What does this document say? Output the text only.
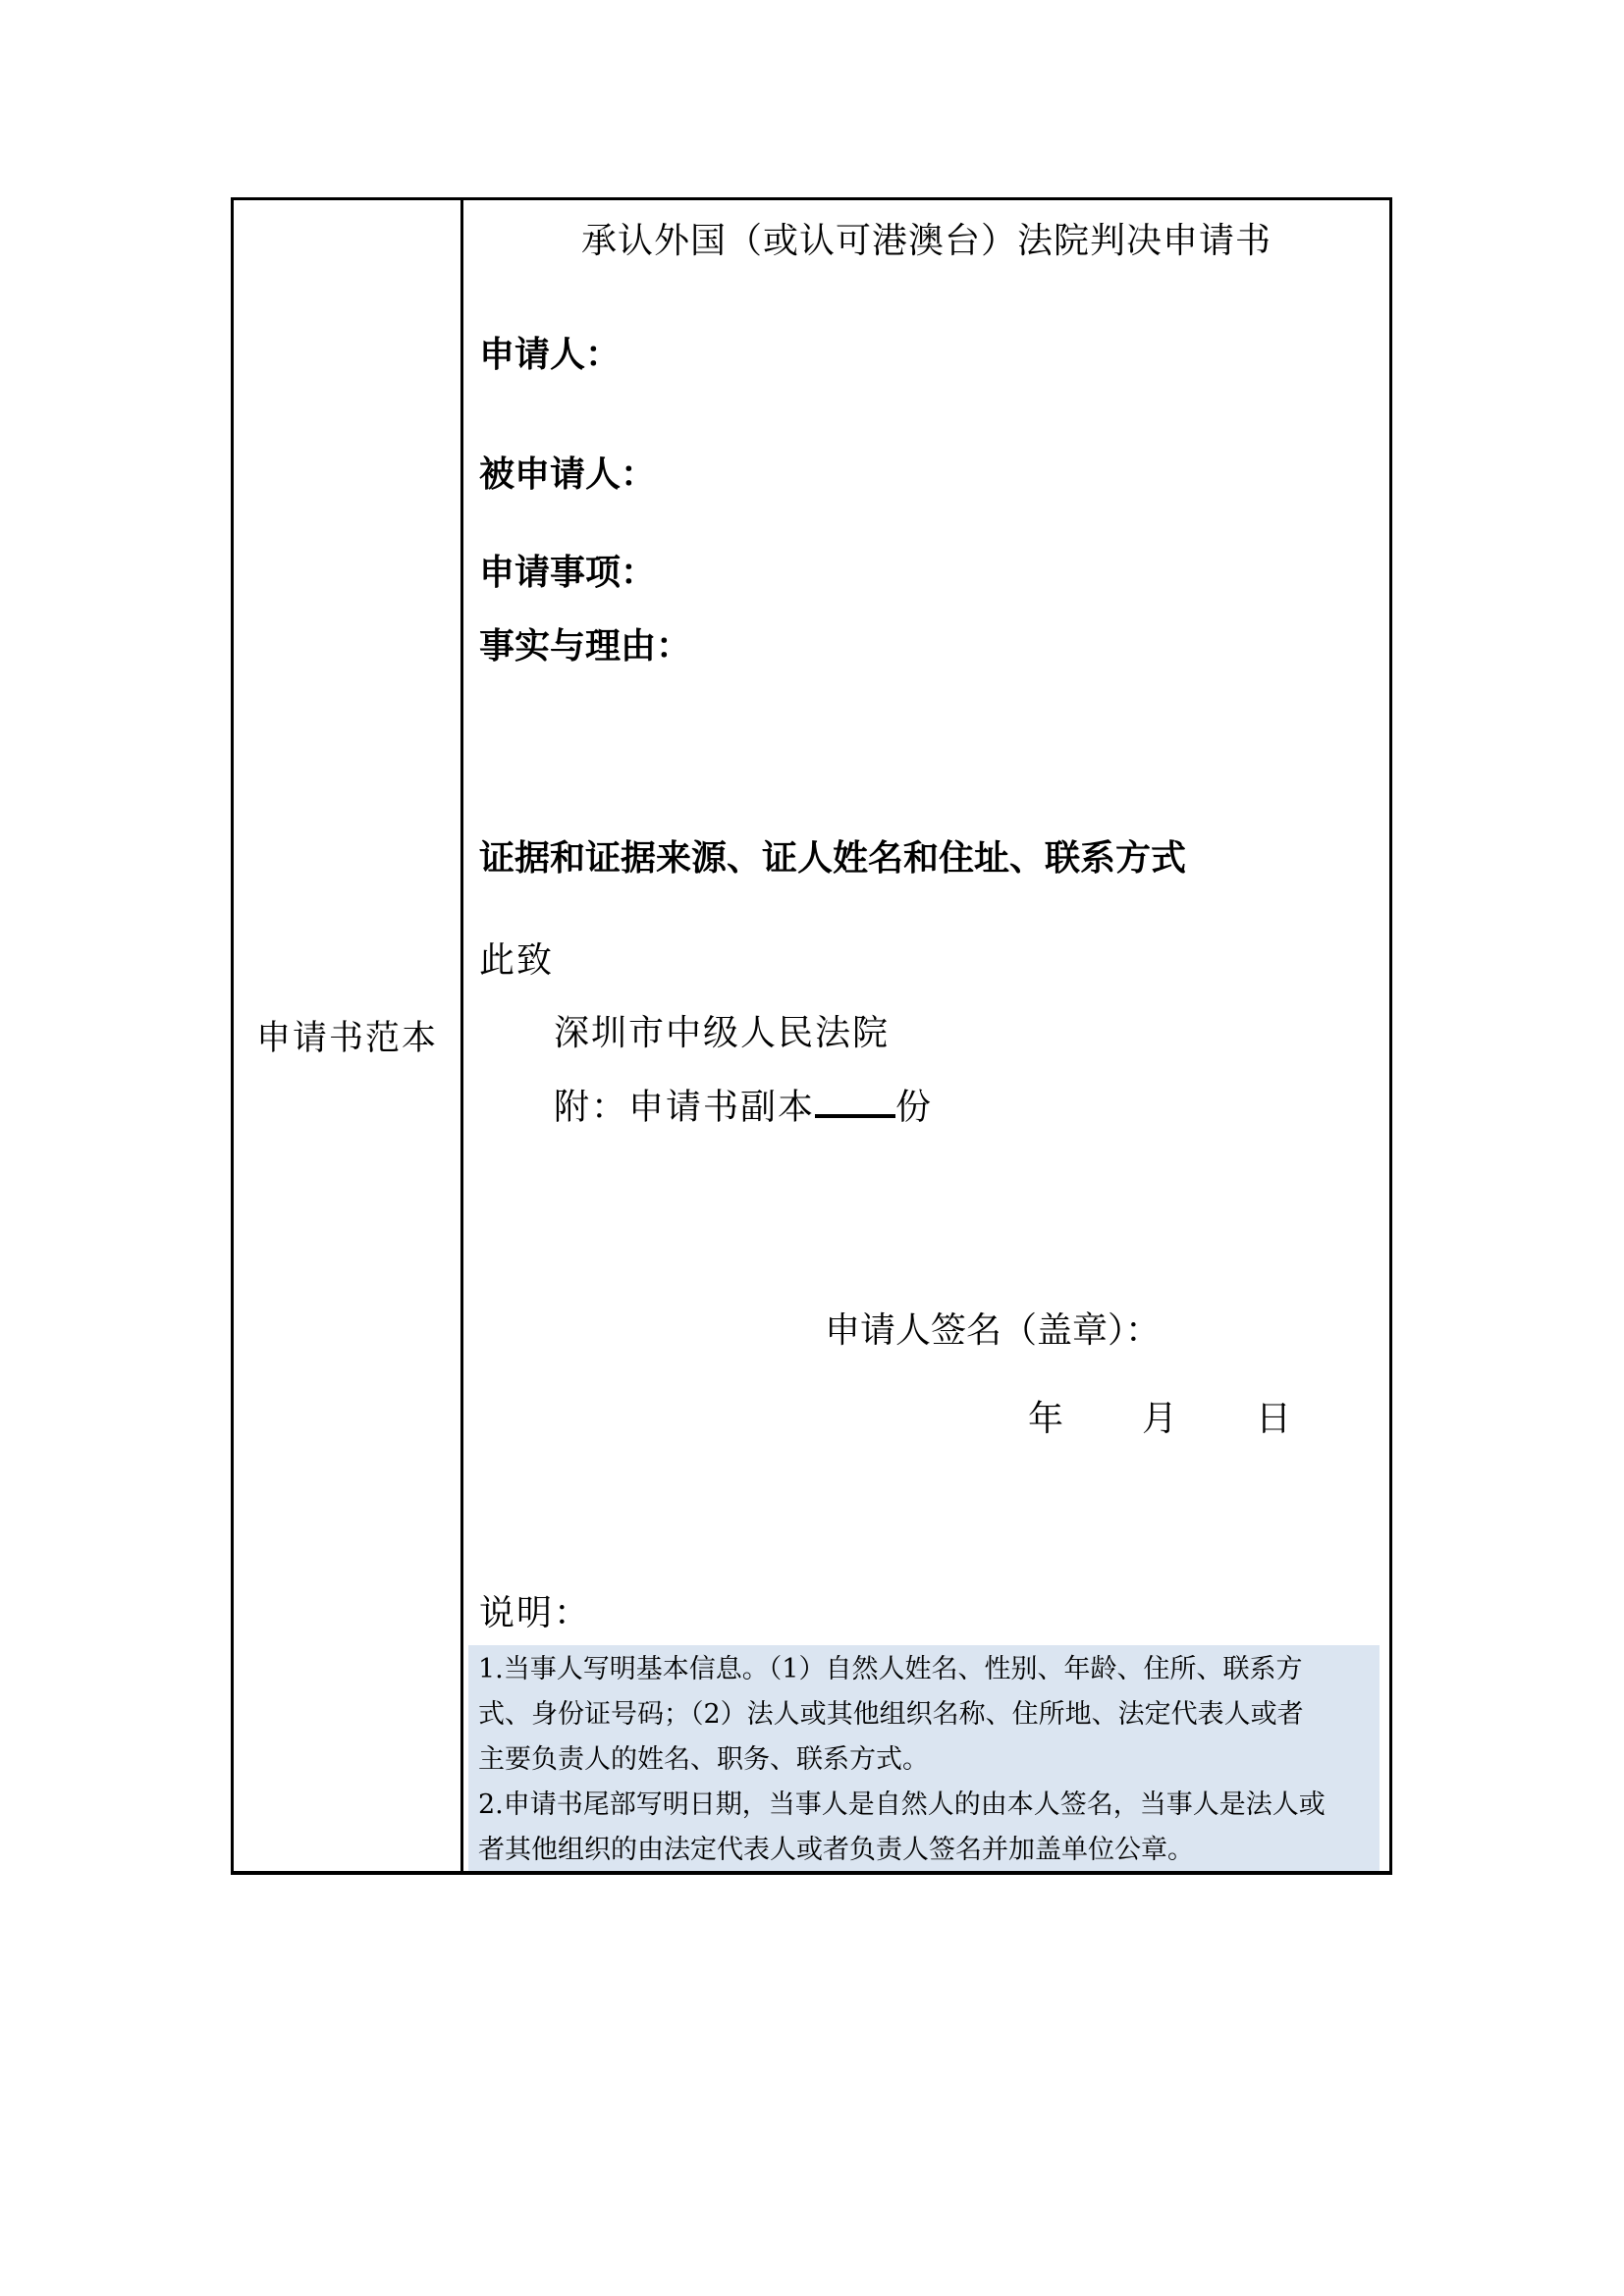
申请书范本
承认外国（或认可港澳台）法院判决申请书
申请人：
被申请人：
申请事项：
事实与理由：
证据和证据来源、证人姓名和住址、联系方式
此致
深圳市中级人民法院
附：申请书副本 份
申请人签名（盖章）：
年 月 日
说明：
1.当事人写明基本信息。（1）自然人姓名、性别、年龄、住所、联系方
式、身份证号码；（2）法人或其他组织名称、住所地、法定代表人或者
主要负责人的姓名、职务、联系方式。
2.申请书尾部写明日期，当事人是自然人的由本人签名，当事人是法人或
者其他组织的由法定代表人或者负责人签名并加盖单位公章。
